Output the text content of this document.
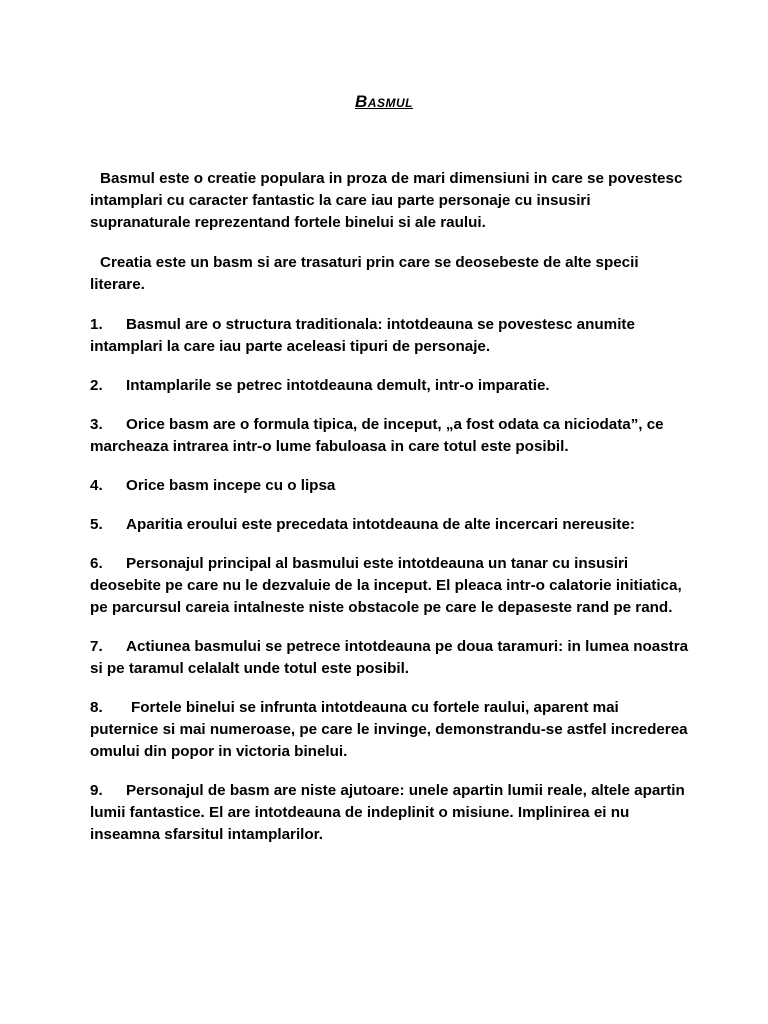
Basmul

Basmul este o creatie populara in proza de mari dimensiuni in care se povestesc intamplari cu caracter fantastic la care iau parte personaje cu insusiri supranaturale reprezentand fortele binelui si ale raului.

Creatia este un basm si are trasaturi prin care se deosebeste de alte specii literare.

1. Basmul are o structura traditionala: intotdeauna se povestesc anumite intamplari la care iau parte aceleasi tipuri de personaje.

2. Intamplarile se petrec intotdeauna demult, intr-o imparatie.

3. Orice basm are o formula tipica, de inceput, „a fost odata ca niciodata”, ce marcheaza intrarea intr-o lume fabuloasa in care totul este posibil.

4. Orice basm incepe cu o lipsa

5. Aparitia eroului este precedata intotdeauna de alte incercari nereusite:

6. Personajul principal al basmului este intotdeauna un tanar cu insusiri deosebite pe care nu le dezvaluie de la inceput. El pleaca intr-o calatorie initiatica, pe parcursul careia intalneste niste obstacole pe care le depaseste rand pe rand.

7. Actiunea basmului se petrece intotdeauna pe doua taramuri: in lumea noastra si pe taramul celalalt unde totul este posibil.

8. Fortele binelui se infrunta intotdeauna cu fortele raului, aparent mai puternice si mai numeroase, pe care le invinge, demonstrandu-se astfel increderea omului din popor in victoria binelui.

9. Personajul de basm are niste ajutoare: unele apartin lumii reale, altele apartin lumii fantastice. El are intotdeauna de indeplinit o misiune. Implinirea ei nu inseamna sfarsitul intamplarilor.
